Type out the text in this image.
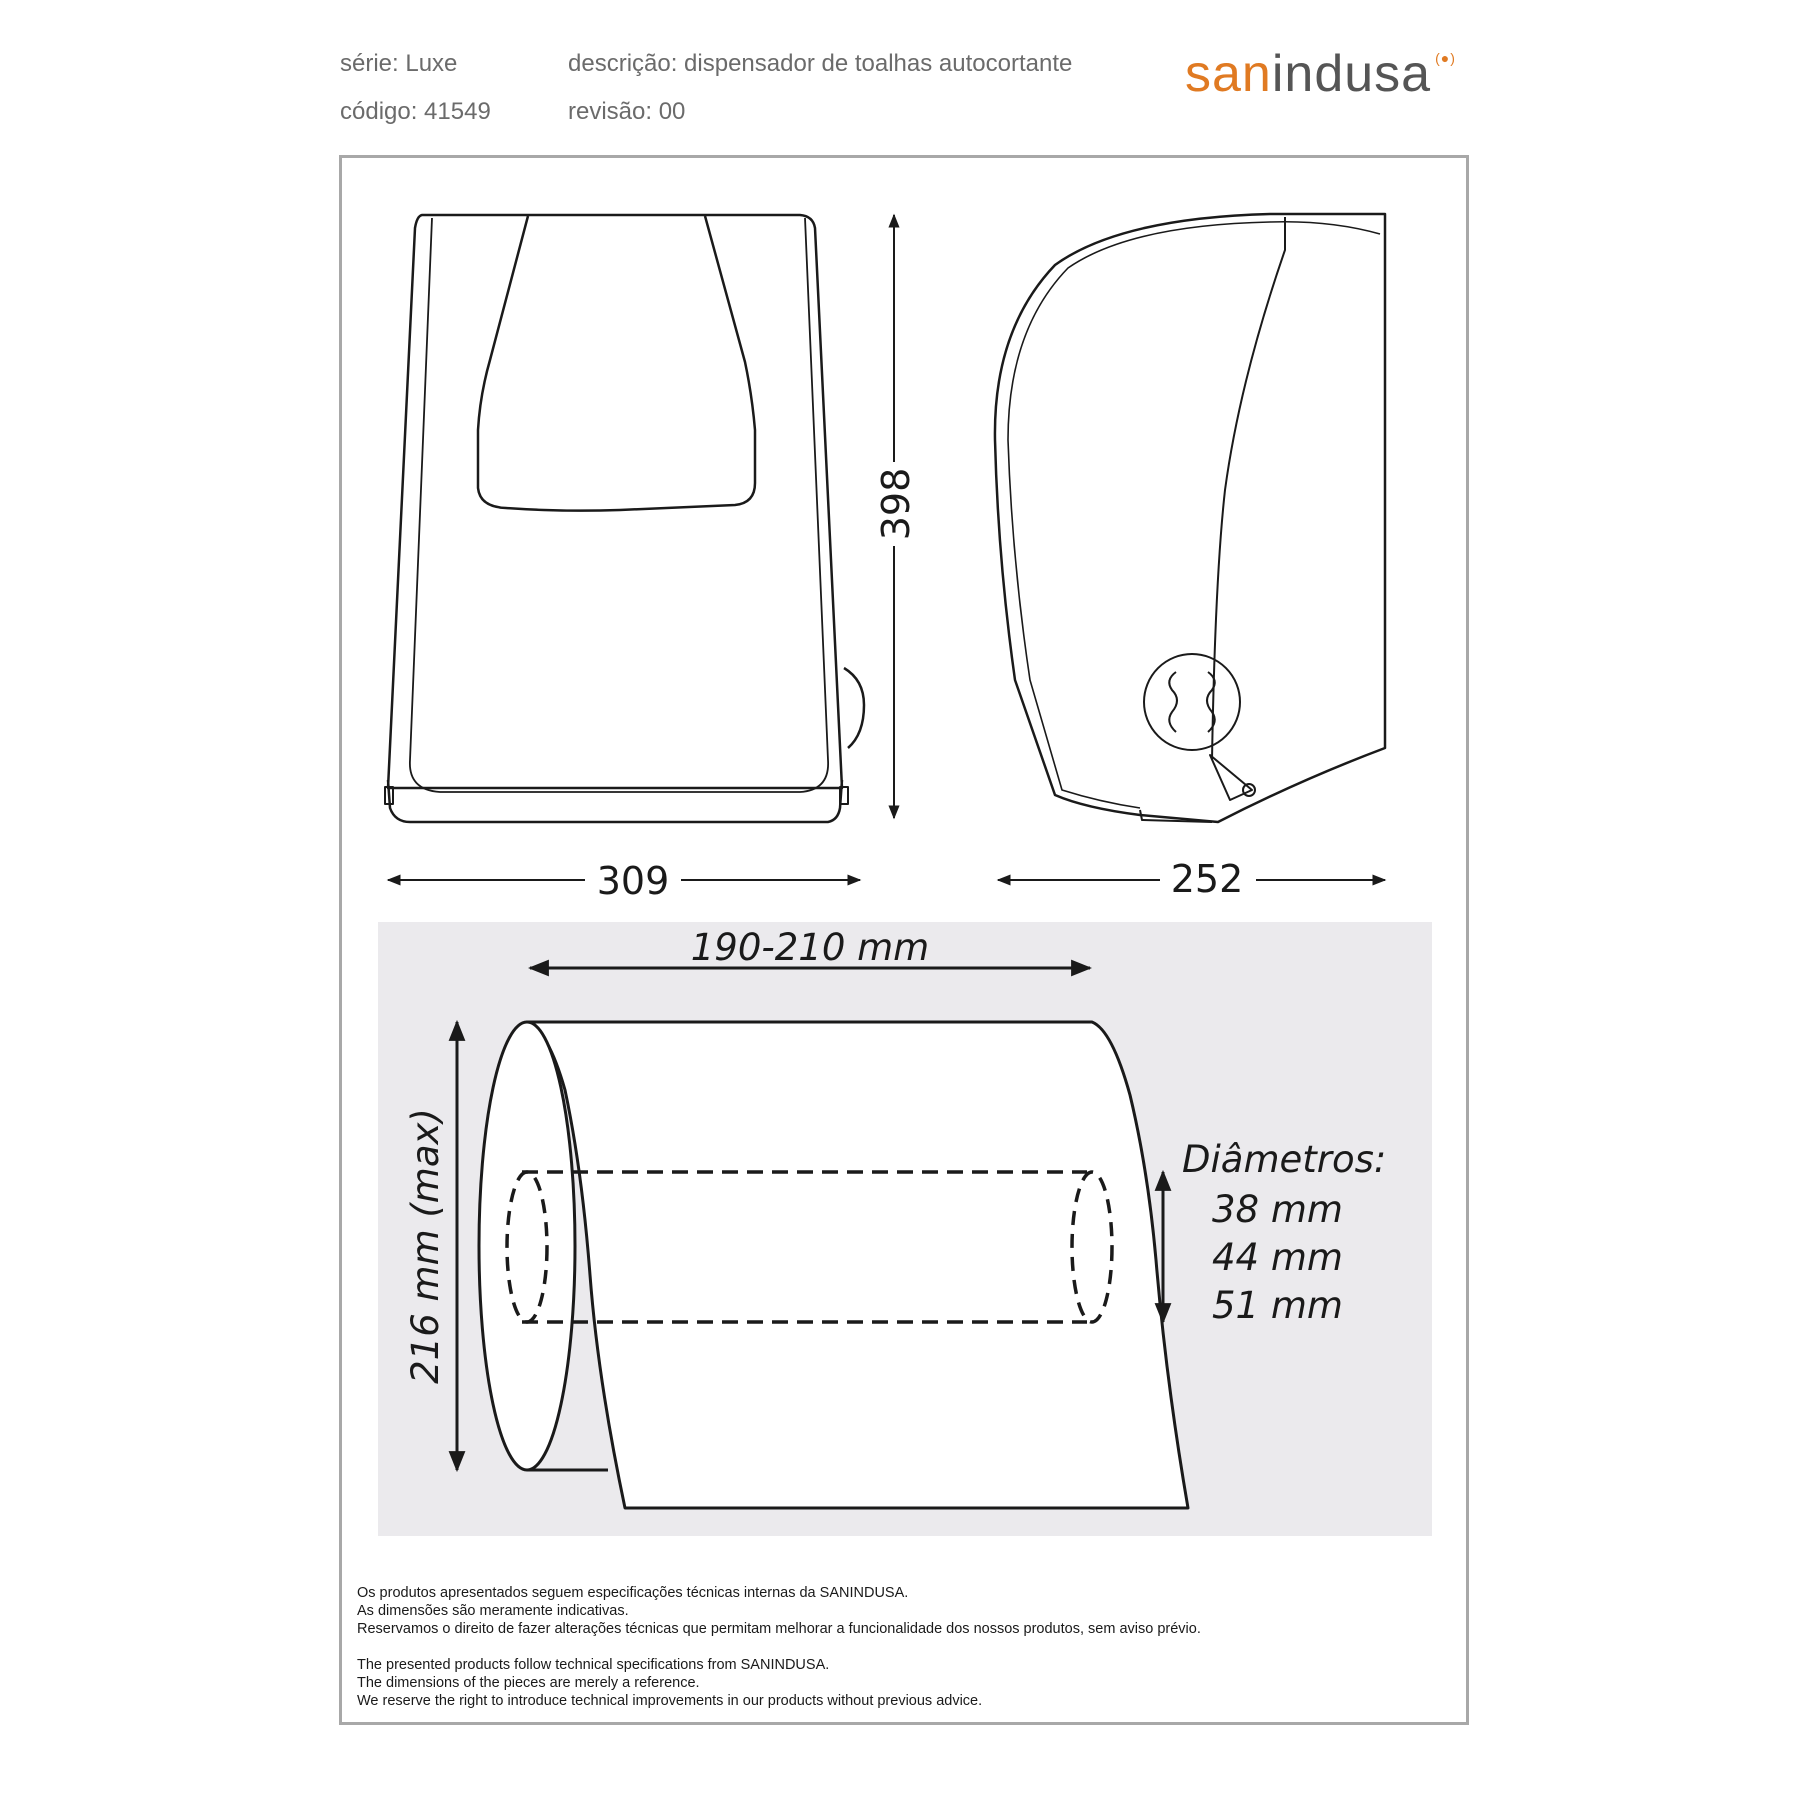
série: Luxe	descrição: dispensador de toalhas autocortante
código: 41549	revisão: 00
sanindusa (●)
398
309	252
190-210 mm
216 mm (max)	Diâmetros:
38 mm
44 mm
51 mm
Os produtos apresentados seguem especificações técnicas internas da SANINDUSA.
As dimensões são meramente indicativas.
Reservamos o direito de fazer alterações técnicas que permitam melhorar a funcionalidade dos nossos produtos, sem aviso prévio.
The presented products follow technical specifications from SANINDUSA.
The dimensions of the pieces are merely a reference.
We reserve the right to introduce technical improvements in our products without previous advice.
